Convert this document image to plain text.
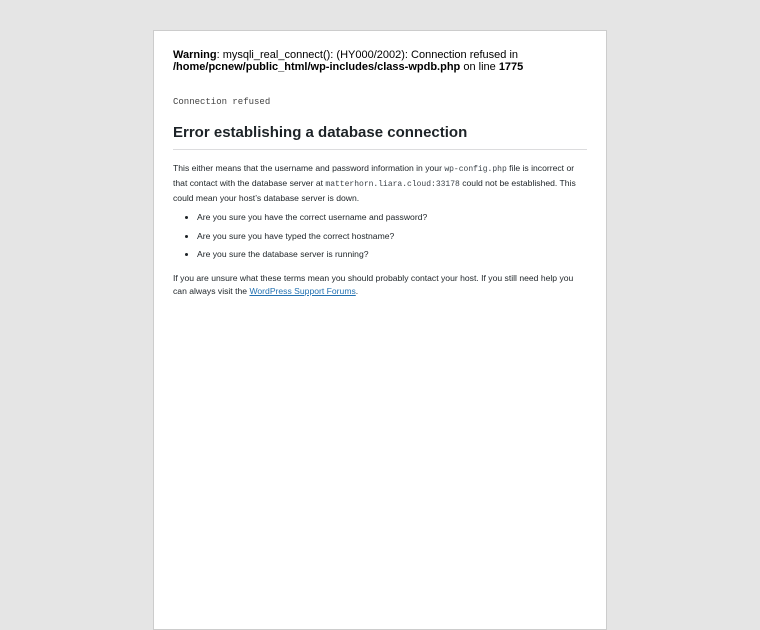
Warning: mysqli_real_connect(): (HY000/2002): Connection refused in
/home/pcnew/public_html/wp-includes/class-wpdb.php on line 1775

Connection refused

Error establishing a database connection

This either means that the username and password information in your wp-config.php file is incorrect or that contact with the database server at matterhorn.liara.cloud:33178 could not be established. This could mean your host’s database server is down.

• Are you sure you have the correct username and password?
• Are you sure you have typed the correct hostname?
• Are you sure the database server is running?

If you are unsure what these terms mean you should probably contact your host. If you still need help you can always visit the WordPress Support Forums.
